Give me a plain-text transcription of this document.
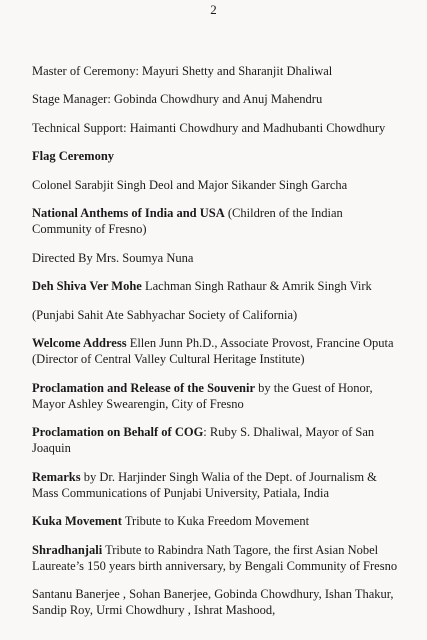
2

Master of Ceremony: Mayuri Shetty and Sharanjit Dhaliwal

Stage Manager: Gobinda Chowdhury and Anuj Mahendru

Technical Support: Haimanti Chowdhury and Madhubanti Chowdhury

Flag Ceremony

Colonel Sarabjit Singh Deol and Major Sikander Singh Garcha

National Anthems of India and USA (Children of the Indian Community of Fresno)

Directed By Mrs. Soumya Nuna

Deh Shiva Ver Mohe Lachman Singh Rathaur & Amrik Singh Virk

(Punjabi Sahit Ate Sabhyachar Society of California)

Welcome Address Ellen Junn Ph.D., Associate Provost, Francine Oputa (Director of Central Valley Cultural Heritage Institute)

Proclamation and Release of the Souvenir by the Guest of Honor, Mayor Ashley Swearengin, City of Fresno

Proclamation on Behalf of COG: Ruby S. Dhaliwal, Mayor of San Joaquin

Remarks by Dr. Harjinder Singh Walia of the Dept. of Journalism & Mass Communications of Punjabi University, Patiala, India

Kuka Movement Tribute to Kuka Freedom Movement

Shradhanjali Tribute to Rabindra Nath Tagore, the first Asian Nobel Laureate’s 150 years birth anniversary, by Bengali Community of Fresno

Santanu Banerjee , Sohan Banerjee, Gobinda Chowdhury, Ishan Thakur, Sandip Roy, Urmi Chowdhury , Ishrat Mashood,
